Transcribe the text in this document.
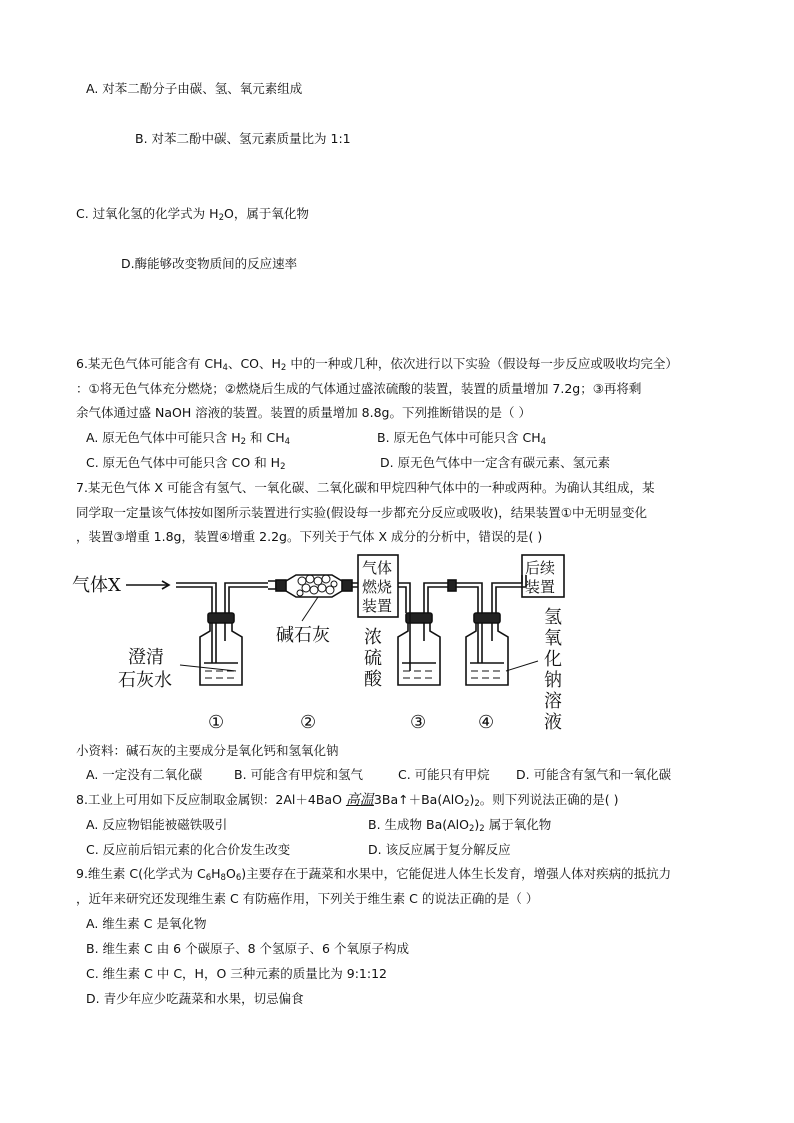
A. 对苯二酚分子由碳、氢、氧元素组成
B. 对苯二酚中碳、氢元素质量比为 1:1
C. 过氧化氢的化学式为 $H_2O$，属于氧化物
D.酶能够改变物质间的反应速率
6.某无色气体可能含有 $CH_4$、CO、$H_2$ 中的一种或几种，依次进行以下实验（假设每一步反应或吸收均完全）
：①将无色气体充分燃烧；②燃烧后生成的气体通过盛浓硫酸的装置，装置的质量增加 7.2g；③再将剩
余气体通过盛 NaOH 溶液的装置。装置的质量增加 8.8g。下列推断错误的是（ ）
A. 原无色气体中可能只含 $H_2$ 和 $CH_4$	B. 原无色气体中可能只含 $CH_4$
C. 原无色气体中可能只含 CO 和 $H_2$	D. 原无色气体中一定含有碳元素、氢元素
7.某无色气体 X 可能含有氢气、一氧化碳、二氧化碳和甲烷四种气体中的一种或两种。为确认其组成，某
同学取一定量该气体按如图所示装置进行实验(假设每一步都充分反应或吸收)，结果装置①中无明显变化
，装置③增重 1.8g，装置④增重 2.2g。下列关于气体 X 成分的分析中，错误的是( )
气体X
澄清
石灰水
碱石灰
气体
燃烧
装置
浓
硫
酸
后续
装置
氢
氧
化
钠
溶
液
①	②	③	④
小资料：碱石灰的主要成分是氧化钙和氢氧化钠
A. 一定没有二氧化碳	B. 可能含有甲烷和氢气	C. 可能只有甲烷 D. 可能含有氢气和一氧化碳
8.工业上可用如下反应制取金属钡：2Al＋4BaO 高温$3Ba↑+Ba(AlO_2)_2$。则下列说法正确的是( )
A. 反应物铝能被磁铁吸引	B. 生成物 $Ba(AlO_2)_2$ 属于氧化物
C. 反应前后铝元素的化合价发生改变	D. 该反应属于复分解反应
9.维生素 C(化学式为 $C_6H_8O_6$)主要存在于蔬菜和水果中，它能促进人体生长发育，增强人体对疾病的抵抗力
，近年来研究还发现维生素 C 有防癌作用，下列关于维生素 C 的说法正确的是（ ）
A. 维生素 C 是氧化物
B. 维生素 C 由 6 个碳原子、8 个氢原子、6 个氧原子构成
C. 维生素 C 中 C，H，O 三种元素的质量比为 9:1:12
D. 青少年应少吃蔬菜和水果，切忌偏食
